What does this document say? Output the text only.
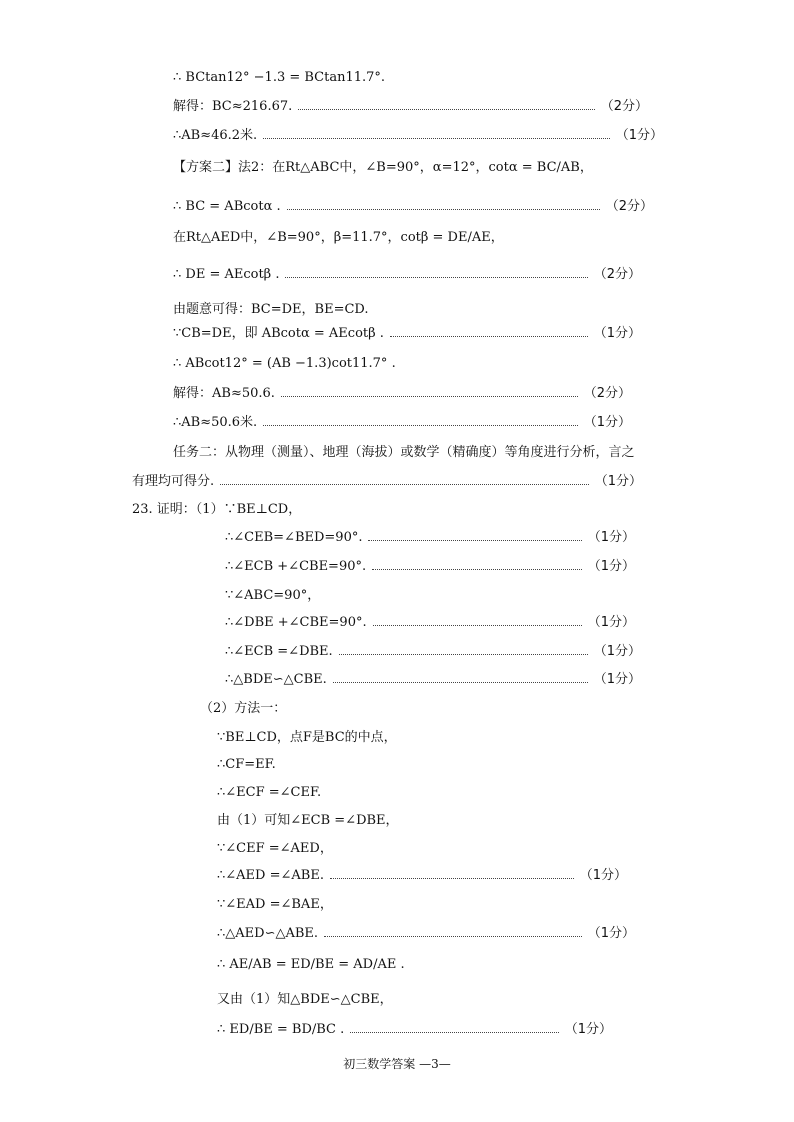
∴ BCtan12° −1.3 = BCtan11.7°.
解得：BC≈216.67.	（2分）
∴AB≈46.2米.	（1分）
【方案二】法2：在Rt△ABC中，∠B=90°，α=12°，cotα = BC/AB，
∴ BC = ABcotα .	（2分）
在Rt△AED中，∠B=90°，β=11.7°，cotβ = DE/AE，
∴ DE = AEcotβ .	（2分）
由题意可得：BC=DE，BE=CD.
∵CB=DE，即 ABcotα = AEcotβ .	（1分）
∴ ABcot12° = (AB −1.3)cot11.7° .
解得：AB≈50.6.	（2分）
∴AB≈50.6米.	（1分）
任务二：从物理（测量）、地理（海拔）或数学（精确度）等角度进行分析，言之
有理均可得分.	（1分）
23. 证明：（1）∵BE⊥CD，
∴∠CEB=∠BED=90°.	（1分）
∴∠ECB +∠CBE=90°.	（1分）
∵∠ABC=90°，
∴∠DBE +∠CBE=90°.	（1分）
∴∠ECB =∠DBE.	（1分）
∴△BDE∽△CBE.	（1分）
（2）方法一：
∵BE⊥CD，点F是BC的中点，
∴CF=EF.
∴∠ECF =∠CEF.
由（1）可知∠ECB =∠DBE，
∵∠CEF =∠AED，
∴∠AED =∠ABE.	（1分）
∵∠EAD =∠BAE，
∴△AED∽△ABE.	（1分）
∴ AE/AB = ED/BE = AD/AE .
又由（1）知△BDE∽△CBE，
∴ ED/BE = BD/BC .	（1分）
初三数学答案 —3—
